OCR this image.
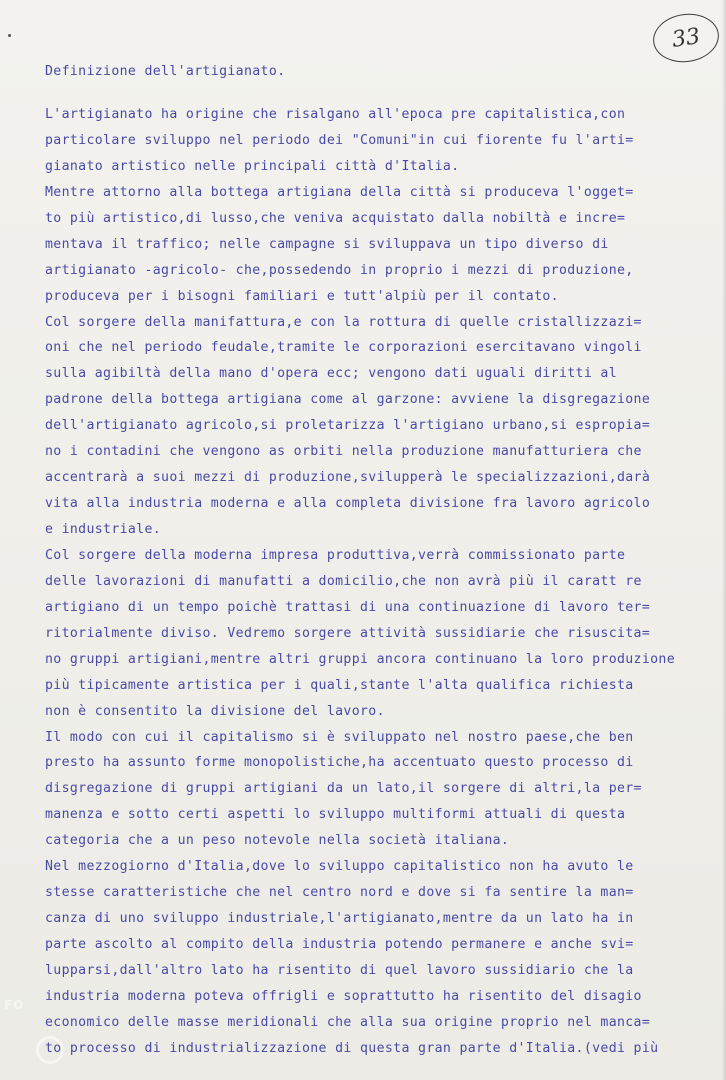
33
Definizione dell'artigianato.
L'artigianato ha origine che risalgano all'epoca pre capitalistica,con
particolare sviluppo nel periodo dei "Comuni"in cui fiorente fu l'arti=
gianato artistico nelle principali città d'Italia.
Mentre attorno alla bottega artigiana della città si produceva l'ogget=
to più artistico,di lusso,che veniva acquistato dalla nobiltà e incre=
mentava il traffico; nelle campagne si sviluppava un tipo diverso di
artigianato -agricolo- che,possedendo in proprio i mezzi di produzione,
produceva per i bisogni familiari e tutt'alpiù per il contato.
Col sorgere della manifattura,e con la rottura di quelle cristallizzazi=
oni che nel periodo feudale,tramite le corporazioni esercitavano vingoli
sulla agibiltà della mano d'opera ecc; vengono dati uguali diritti al
padrone della bottega artigiana come al garzone: avviene la disgregazione
dell'artigianato agricolo,si proletarizza l'artigiano urbano,si espropia=
no i contadini che vengono as orbiti nella produzione manufatturiera che
accentrarà a suoi mezzi di produzione,svilupperà le specializzazioni,darà
vita alla industria moderna e alla completa divisione fra lavoro agricolo
e industriale.
Col sorgere della moderna impresa produttiva,verrà commissionato parte
delle lavorazioni di manufatti a domicilio,che non avrà più il caratt re
artigiano di un tempo poichè trattasi di una continuazione di lavoro ter=
ritorialmente diviso. Vedremo sorgere attività sussidiarie che risuscita=
no gruppi artigiani,mentre altri gruppi ancora continuano la loro produzione
più tipicamente artistica per i quali,stante l'alta qualifica richiesta
non è consentito la divisione del lavoro.
Il modo con cui il capitalismo si è sviluppato nel nostro paese,che ben
presto ha assunto forme monopolistiche,ha accentuato questo processo di
disgregazione di gruppi artigiani da un lato,il sorgere di altri,la per=
manenza e sotto certi aspetti lo sviluppo multiformi attuali di questa
categoria che a un peso notevole nella società italiana.
Nel mezzogiorno d'Italia,dove lo sviluppo capitalistico non ha avuto le
stesse caratteristiche che nel centro nord e dove si fa sentire la man=
canza di uno sviluppo industriale,l'artigianato,mentre da un lato ha in
parte ascolto al compito della industria potendo permanere e anche svi=
lupparsi,dall'altro lato ha risentito di quel lavoro sussidiario che la
industria moderna poteva offrigli e soprattutto ha risentito del disagio
economico delle masse meridionali che alla sua origine proprio nel manca=
to processo di industrializzazione di questa gran parte d'Italia.(vedi più
FO
